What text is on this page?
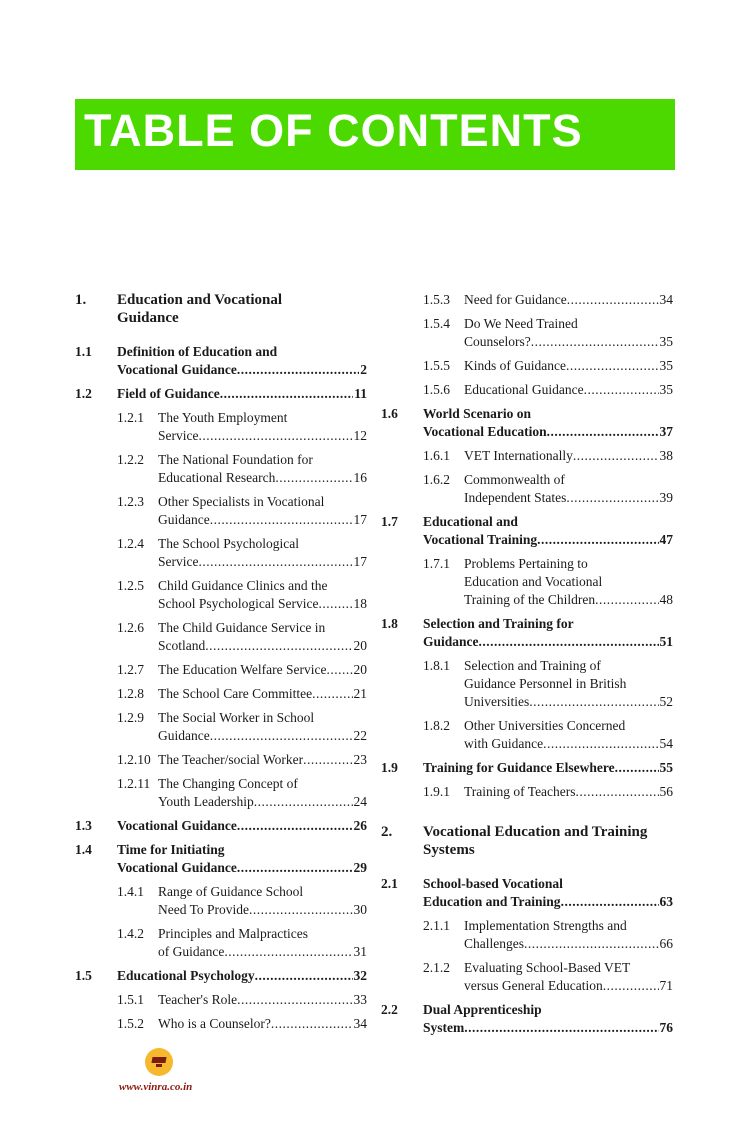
TABLE OF CONTENTS
1. Education and Vocational
Guidance
1.1 Definition of Education and
Vocational Guidance .....	2
1.2 Field of Guidance .....	11
1.2.1 The Youth Employment
Service .....	12
1.2.2 The National Foundation for
Educational Research .....	16
1.2.3 Other Specialists in Vocational
Guidance .....	17
1.2.4 The School Psychological
Service .....	17
1.2.5 Child Guidance Clinics and the
School Psychological Service .....	18
1.2.6 The Child Guidance Service in
Scotland .....	20
1.2.7 The Education Welfare Service ..... 20
1.2.8 The School Care Committee .....	21
1.2.9 The Social Worker in School
Guidance .....	22
1.2.10 The Teacher/social Worker .....	23
1.2.11 The Changing Concept of
Youth Leadership .....	24
1.3 Vocational Guidance .....	26
1.4 Time for Initiating
Vocational Guidance .....	29
1.4.1 Range of Guidance School
Need To Provide .....	30
1.4.2 Principles and Malpractices
of Guidance .....	31
1.5 Educational Psychology .....	32
1.5.1 Teacher's Role .....	33
1.5.2 Who is a Counselor? .....	34
1.5.3 Need for Guidance .....	34
1.5.4 Do We Need Trained
Counselors? .....	35
1.5.5 Kinds of Guidance .....	35
1.5.6 Educational Guidance .....	35
1.6 World Scenario on
Vocational Education .....	37
1.6.1 VET Internationally .....	38
1.6.2 Commonwealth of
Independent States .....	39
1.7 Educational and
Vocational Training .....	47
1.7.1 Problems Pertaining to
Education and Vocational
Training of the Children .....	48
1.8 Selection and Training for
Guidance .....	51
1.8.1 Selection and Training of
Guidance Personnel in British
Universities .....	52
1.8.2 Other Universities Concerned
with Guidance .....	54
1.9 Training for Guidance Elsewhere .....	55
1.9.1 Training of Teachers .....	56
2. Vocational Education and Training
Systems
2.1 School-based Vocational
Education and Training .....	63
2.1.1 Implementation Strengths and
Challenges .....	66
2.1.2 Evaluating School-Based VET
versus General Education .....	71
2.2 Dual Apprenticeship
System .....	76
www.vinra.co.in
